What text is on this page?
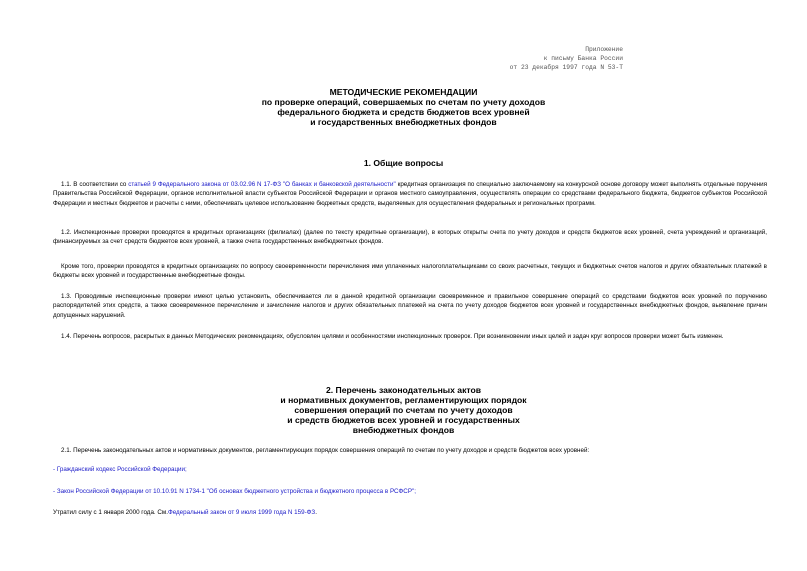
Приложение
к письму Банка России
от 23 декабря 1997 года N 53-Т
МЕТОДИЧЕСКИЕ РЕКОМЕНДАЦИИ
по проверке операций, совершаемых по счетам по учету доходов
федерального бюджета и средств бюджетов всех уровней
и государственных внебюджетных фондов
1. Общие вопросы
1.1. В соответствии со статьей 9 Федерального закона от 03.02.96 N 17-ФЗ "О банках и банковской деятельности" кредитная организация по специально заключаемому на конкурсной основе договору может выполнять отдельные поручения Правительства Российской Федерации, органов исполнительной власти субъектов Российской Федерации и органов местного самоуправления, осуществлять операции со средствами федерального бюджета, бюджетов субъектов Российской Федерации и местных бюджетов и расчеты с ними, обеспечивать целевое использование бюджетных средств, выделяемых для осуществления федеральных и региональных программ.
1.2. Инспекционные проверки проводятся в кредитных организациях (филиалах) (далее по тексту кредитные организации), в которых открыты счета по учету доходов и средств бюджетов всех уровней, счета учреждений и организаций, финансируемых за счет средств бюджетов всех уровней, а также счета государственных внебюджетных фондов.
Кроме того, проверки проводятся в кредитных организациях по вопросу своевременности перечисления ими уплаченных налогоплательщиками со своих расчетных, текущих и бюджетных счетов налогов и других обязательных платежей в бюджеты всех уровней и государственные внебюджетные фонды.
1.3. Проводимые инспекционные проверки имеют целью установить, обеспечивается ли в данной кредитной организации своевременное и правильное совершение операций со средствами бюджетов всех уровней по поручению распорядителей этих средств, а также своевременное перечисление и зачисление налогов и других обязательных платежей на счета по учету доходов бюджетов всех уровней и государственных внебюджетных фондов, выявление причин допущенных нарушений.
1.4. Перечень вопросов, раскрытых в данных Методических рекомендациях, обусловлен целями и особенностями инспекционных проверок. При возникновении иных целей и задач круг вопросов проверки может быть изменен.
2. Перечень законодательных актов
и нормативных документов, регламентирующих порядок
совершения операций по счетам по учету доходов
и средств бюджетов всех уровней и государственных
внебюджетных фондов
2.1. Перечень законодательных актов и нормативных документов, регламентирующих порядок совершения операций по счетам по учету доходов и средств бюджетов всех уровней:
- Гражданский кодекс Российской Федерации;
- Закон Российской Федерации от 10.10.91 N 1734-1 "Об основах бюджетного устройства и бюджетного процесса в РСФСР";
Утратил силу с 1 января 2000 года. См.Федеральный закон от 9 июля 1999 года N 159-ФЗ.
